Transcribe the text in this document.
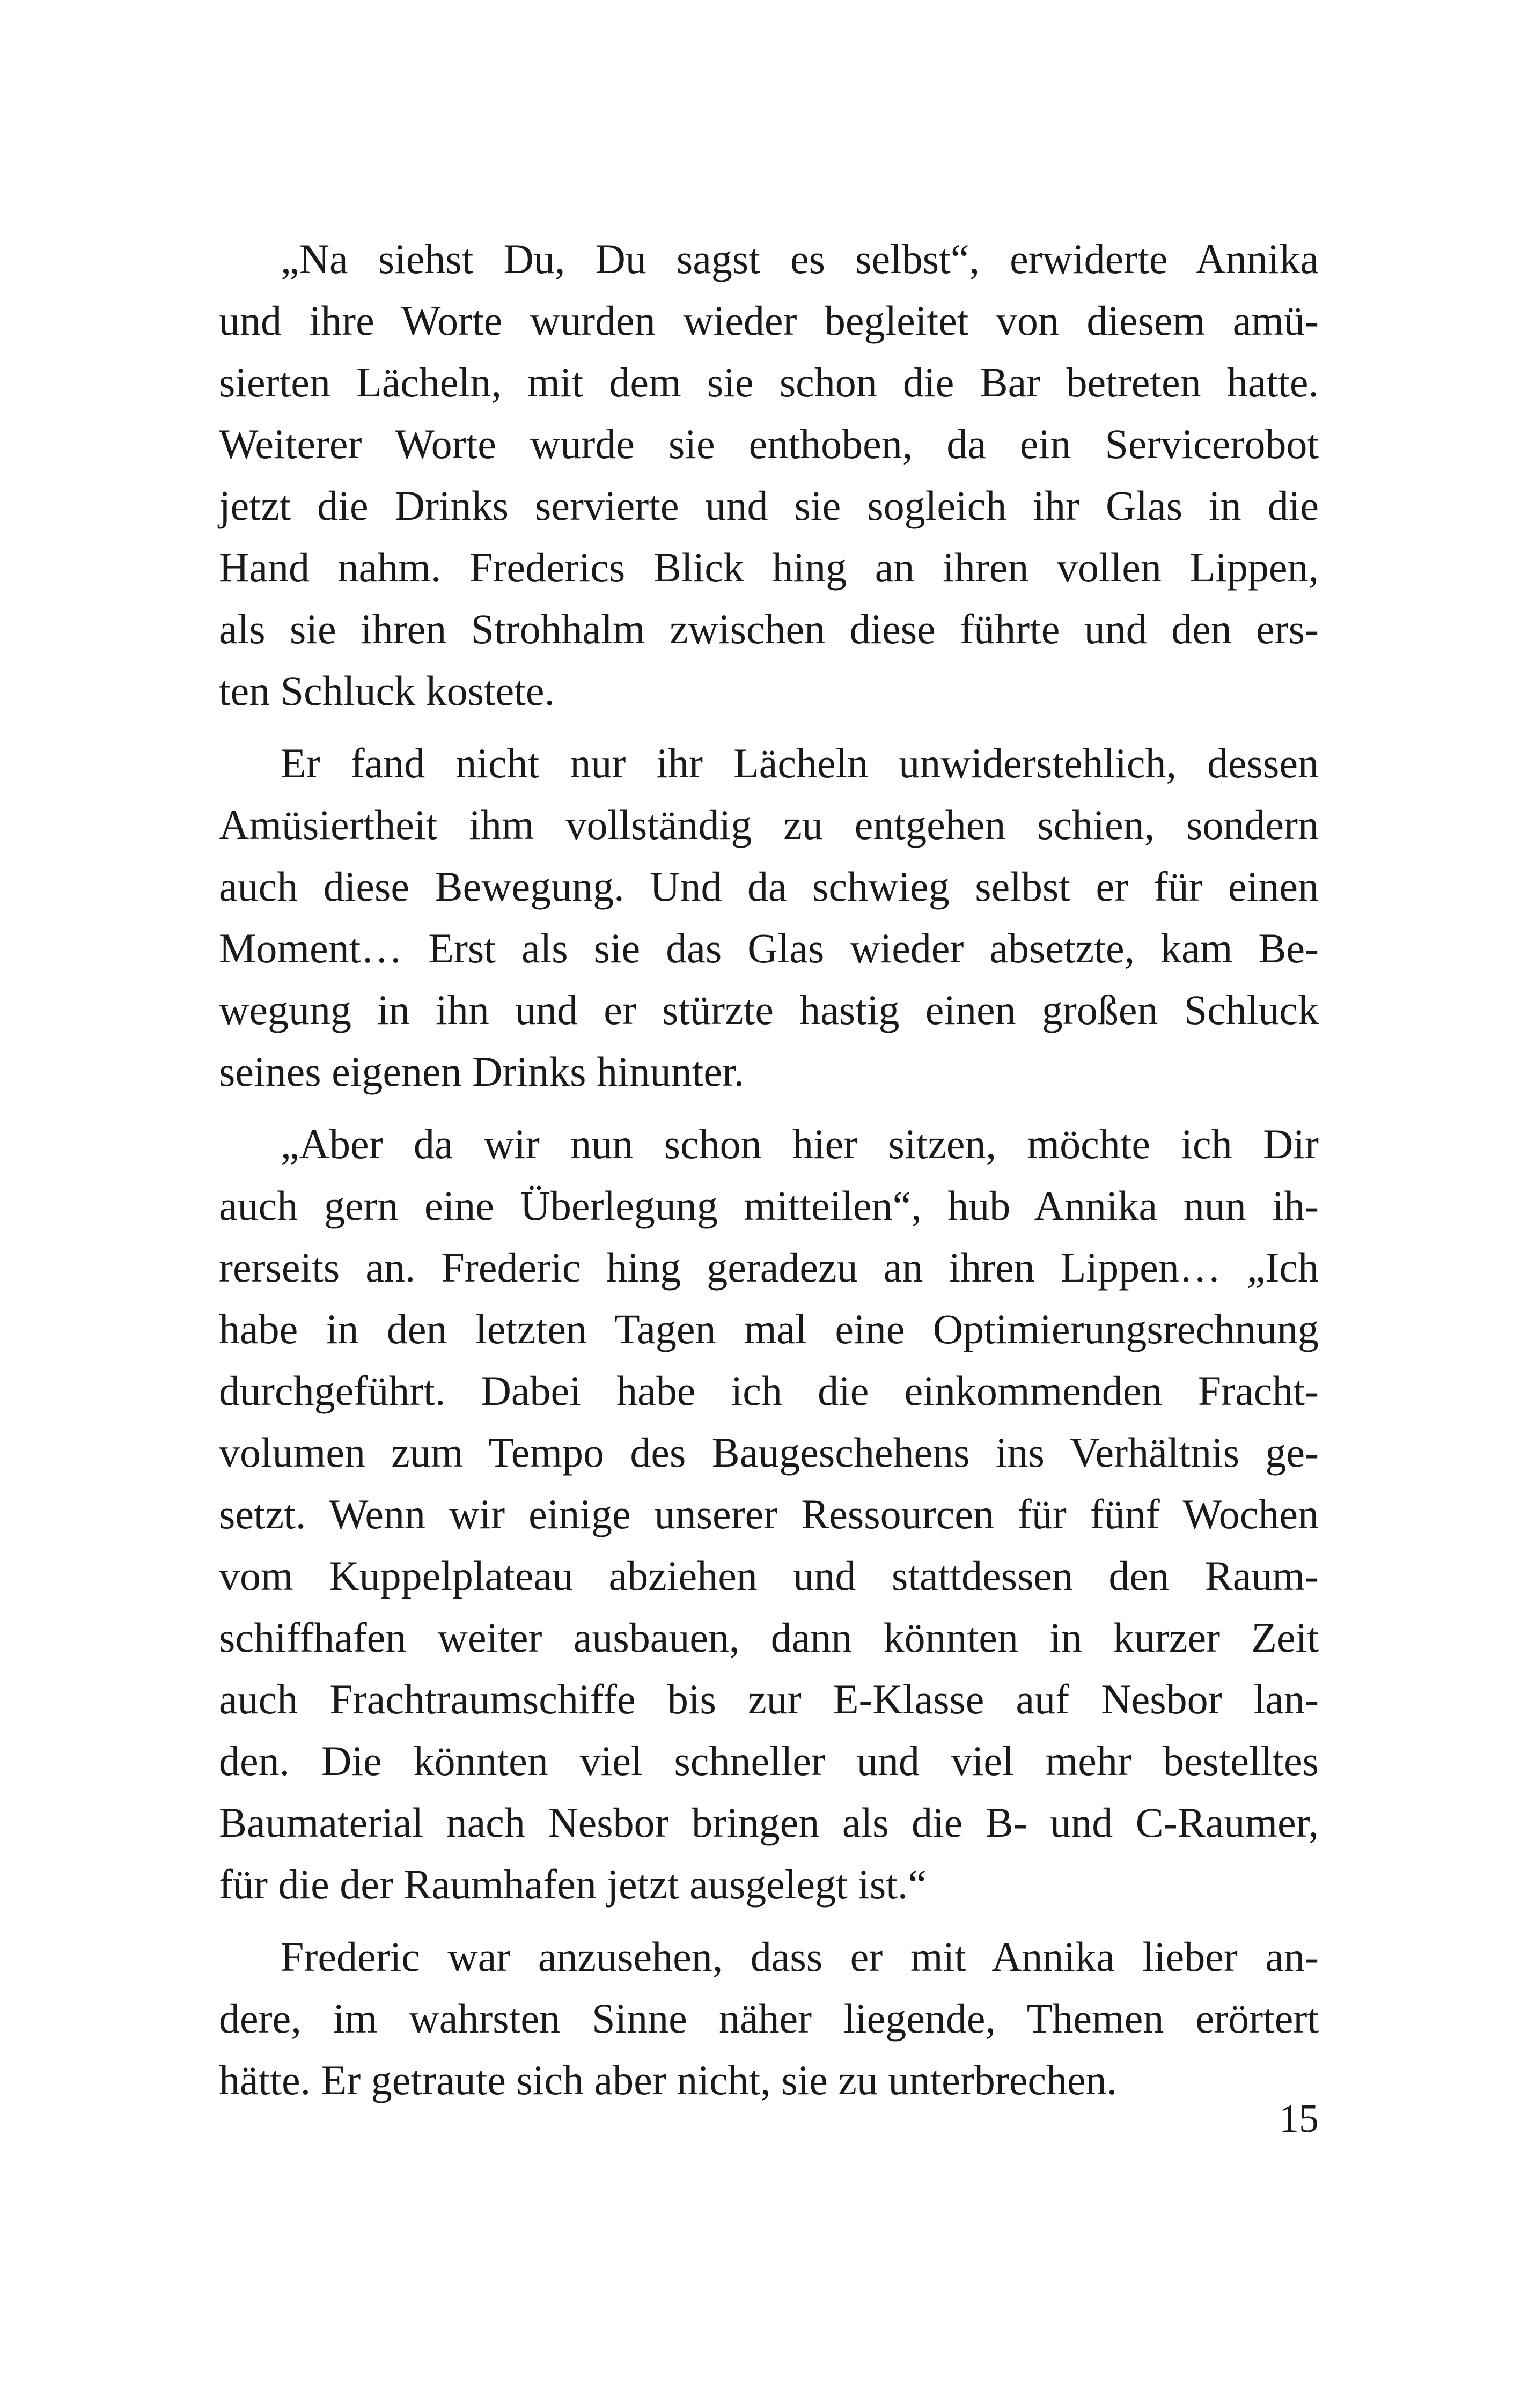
„Na siehst Du, Du sagst es selbst“, erwiderte Annika
und ihre Worte wurden wieder begleitet von diesem amü-
sierten Lächeln, mit dem sie schon die Bar betreten hatte.
Weiterer Worte wurde sie enthoben, da ein Servicerobot
jetzt die Drinks servierte und sie sogleich ihr Glas in die
Hand nahm. Frederics Blick hing an ihren vollen Lippen,
als sie ihren Strohhalm zwischen diese führte und den ers-
ten Schluck kostete.
Er fand nicht nur ihr Lächeln unwiderstehlich, dessen
Amüsiertheit ihm vollständig zu entgehen schien, sondern
auch diese Bewegung. Und da schwieg selbst er für einen
Moment… Erst als sie das Glas wieder absetzte, kam Be-
wegung in ihn und er stürzte hastig einen großen Schluck
seines eigenen Drinks hinunter.
„Aber da wir nun schon hier sitzen, möchte ich Dir
auch gern eine Überlegung mitteilen“, hub Annika nun ih-
rerseits an. Frederic hing geradezu an ihren Lippen… „Ich
habe in den letzten Tagen mal eine Optimierungsrechnung
durchgeführt. Dabei habe ich die einkommenden Fracht-
volumen zum Tempo des Baugeschehens ins Verhältnis ge-
setzt. Wenn wir einige unserer Ressourcen für fünf Wochen
vom Kuppelplateau abziehen und stattdessen den Raum-
schiffhafen weiter ausbauen, dann könnten in kurzer Zeit
auch Frachtraumschiffe bis zur E-Klasse auf Nesbor lan-
den. Die könnten viel schneller und viel mehr bestelltes
Baumaterial nach Nesbor bringen als die B- und C-Raumer,
für die der Raumhafen jetzt ausgelegt ist.“
Frederic war anzusehen, dass er mit Annika lieber an-
dere, im wahrsten Sinne näher liegende, Themen erörtert
hätte. Er getraute sich aber nicht, sie zu unterbrechen.
15
